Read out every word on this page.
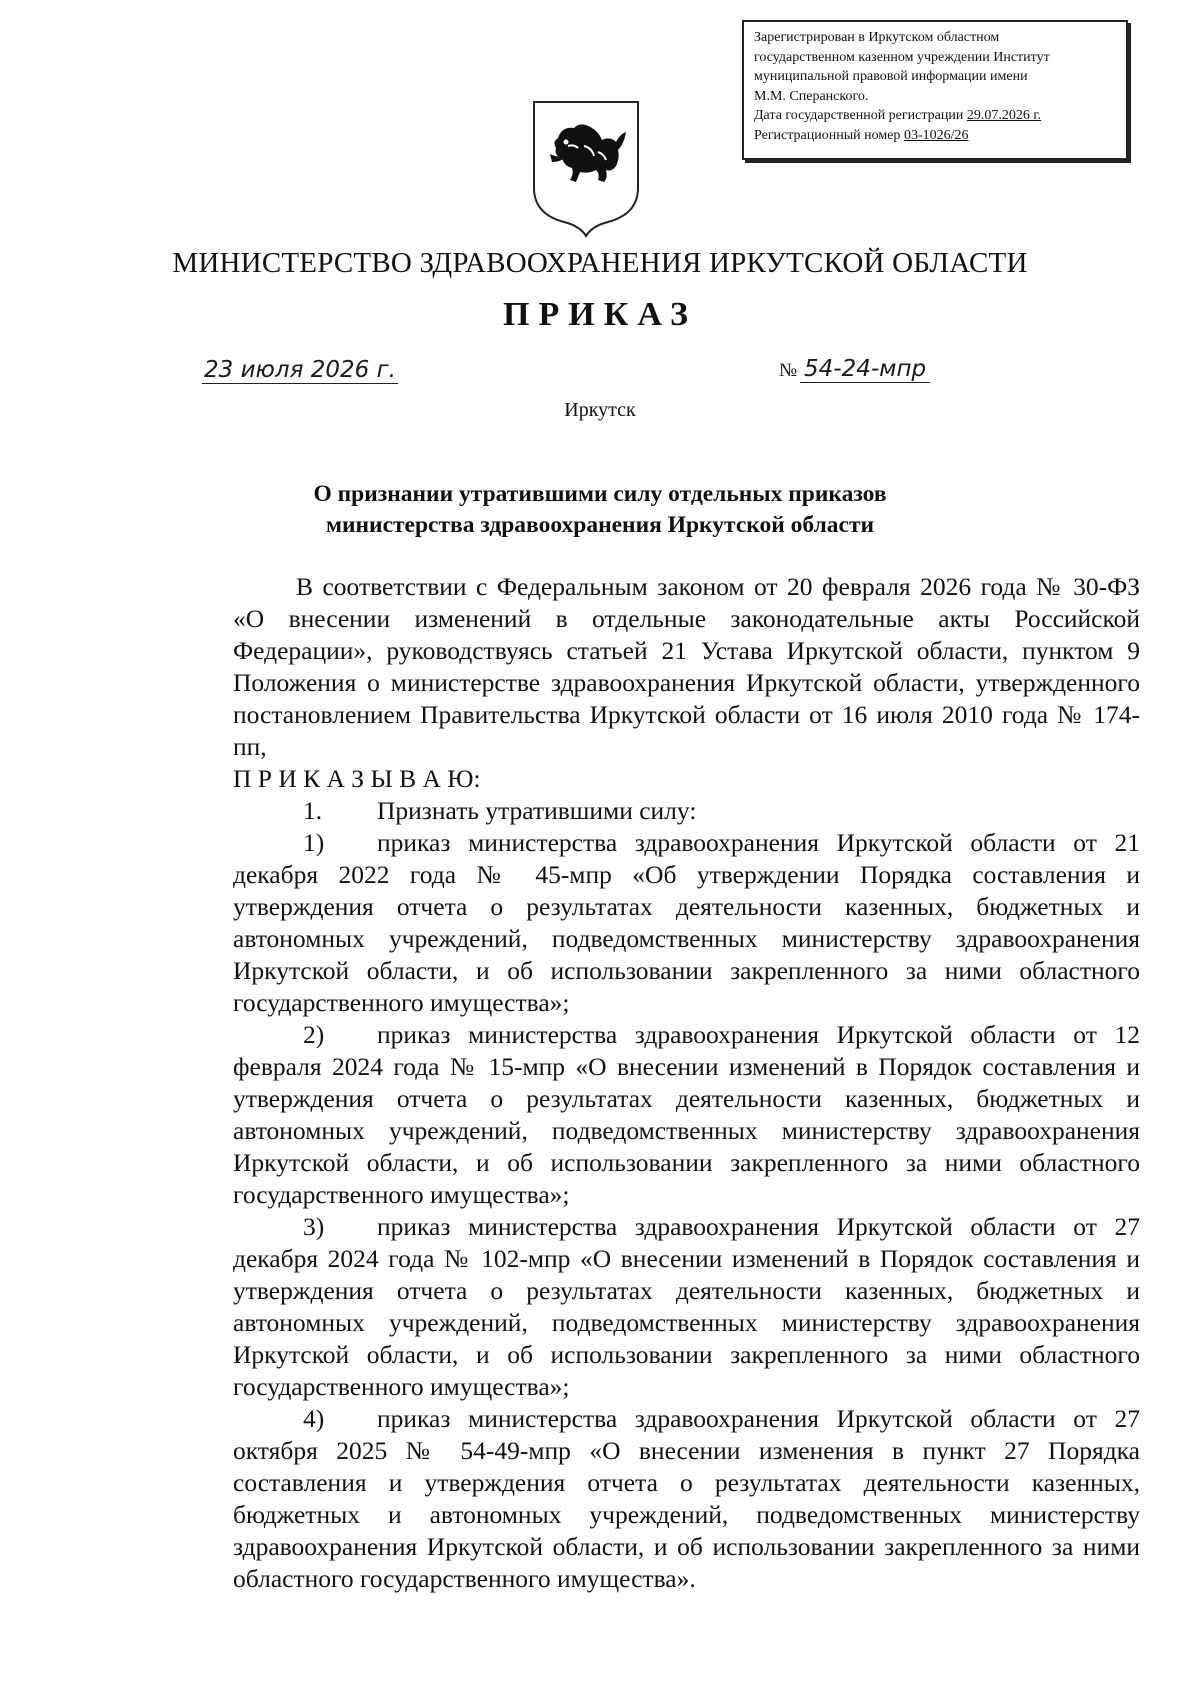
Зарегистрирован в Иркутском областном
государственном казенном учреждении Институт
муниципальной правовой информации имени
М.М. Сперанского.
Дата государственной регистрации 29.07.2026 г.
Регистрационный номер 03-1026/26
МИНИСТЕРСТВО ЗДРАВООХРАНЕНИЯ ИРКУТСКОЙ ОБЛАСТИ
ПРИКАЗ
23 июля 2026 г.	№ 54-24-мпр
Иркутск
О признании утратившими силу отдельных приказов министерства здравоохранения Иркутской области

В соответствии с Федеральным законом от 20 февраля 2026 года № 30-ФЗ «О внесении изменений в отдельные законодательные акты Российской Федерации», руководствуясь статьей 21 Устава Иркутской области, пунктом 9 Положения о министерстве здравоохранения Иркутской области, утвержденного постановлением Правительства Иркутской области от 16 июля 2010 года № 174-пп,

П Р И К А З Ы В А Ю:

1. Признать утратившими силу:

1) приказ министерства здравоохранения Иркутской области от 21 декабря 2022 года № 45-мпр «Об утверждении Порядка составления и утверждения отчета о результатах деятельности казенных, бюджетных и автономных учреждений, подведомственных министерству здравоохранения Иркутской области, и об использовании закрепленного за ними областного государственного имущества»;

2) приказ министерства здравоохранения Иркутской области от 12 февраля 2024 года № 15-мпр «О внесении изменений в Порядок составления и утверждения отчета о результатах деятельности казенных, бюджетных и автономных учреждений, подведомственных министерству здравоохранения Иркутской области, и об использовании закрепленного за ними областного государственного имущества»;

3) приказ министерства здравоохранения Иркутской области от 27 декабря 2024 года № 102-мпр «О внесении изменений в Порядок составления и утверждения отчета о результатах деятельности казенных, бюджетных и автономных учреждений, подведомственных министерству здравоохранения Иркутской области, и об использовании закрепленного за ними областного государственного имущества»;

4) приказ министерства здравоохранения Иркутской области от 27 октября 2025 № 54-49-мпр «О внесении изменения в пункт 27 Порядка составления и утверждения отчета о результатах деятельности казенных, бюджетных и автономных учреждений, подведомственных министерству здравоохранения Иркутской области, и об использовании закрепленного за ними областного государственного имущества».
